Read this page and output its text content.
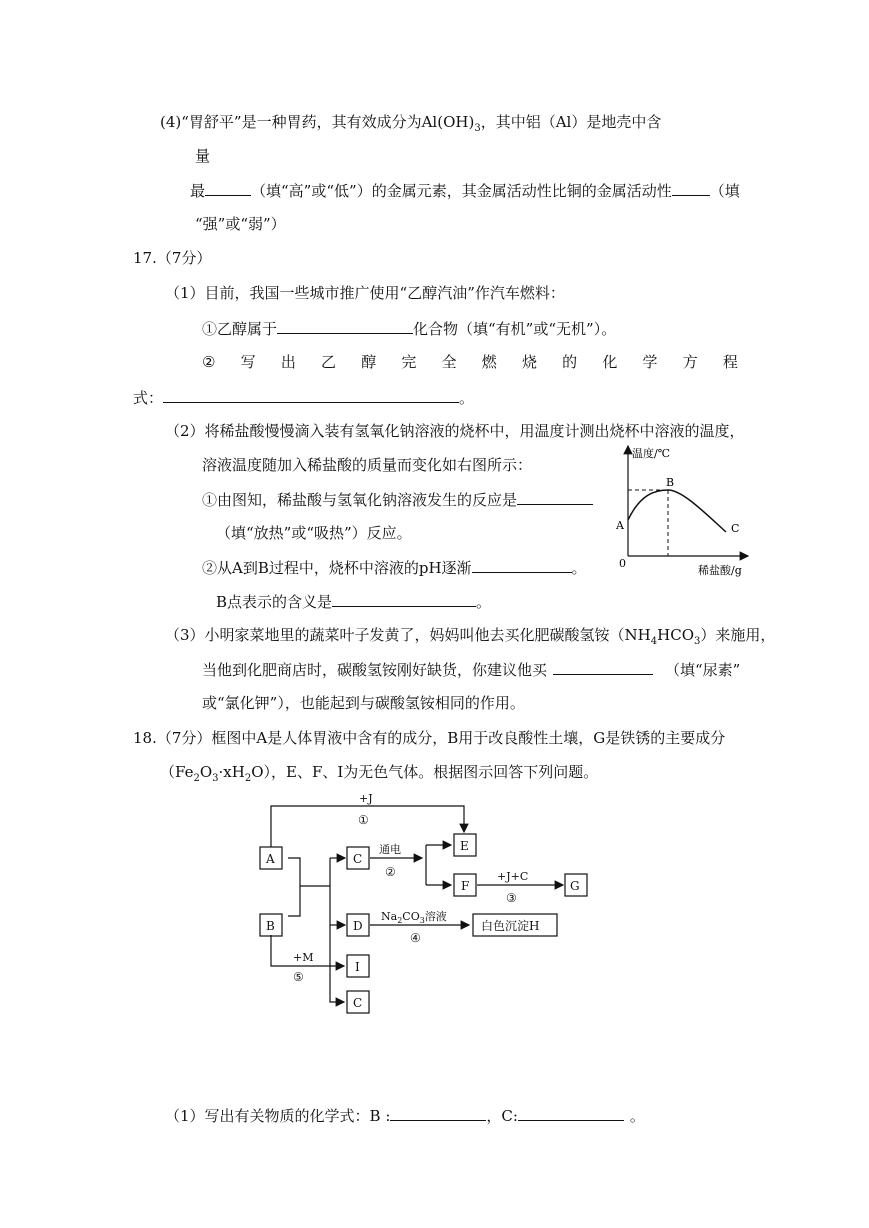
(4)“胃舒平”是一种胃药，其有效成分为$Al(OH)_3$，其中铝（Al）是地壳中含
量
最	（填“高”或“低”）的金属元素，其金属活动性比铜的金属活动性	（填
“强”或“弱”）
17.（7分）
（1）目前，我国一些城市推广使用“乙醇汽油”作汽车燃料：
①乙醇属于	化合物（填“有机”或“无机”）。
② 写 出 乙 醇 完 全 燃 烧 的 化 学 方 程
式：	。
（2）将稀盐酸慢慢滴入装有氢氧化钠溶液的烧杯中，用温度计测出烧杯中溶液的温度，
溶液温度随加入稀盐酸的质量而变化如右图所示：
①由图知，稀盐酸与氢氧化钠溶液发生的反应是
（填“放热”或“吸热”）反应。
②从A到B过程中，烧杯中溶液的pH逐渐	。
B点表示的含义是	。
温度/℃
稀盐酸/g
0
A
B
C
（3）小明家菜地里的蔬菜叶子发黄了，妈妈叫他去买化肥碳酸氢铵$(NH_4HCO_3)$来施用，
当他到化肥商店时，碳酸氢铵刚好缺货，你建议他买	（填“尿素”
或“氯化钾”），也能起到与碳酸氢铵相同的作用。
18.（7分）框图中A是人体胃液中含有的成分，B用于改良酸性土壤，G是铁锈的主要成分
$(Fe_2O_3\cdot xH_2O)$，E、F、I为无色气体。根据图示回答下列问题。
A
B
C
D
E
F	G
白色沉淀H
I
C
+J
①
通电
②	+J+C
③
$Na_2CO_3$溶液
④
+M
⑤
（1）写出有关物质的化学式：B :	，C:	。
